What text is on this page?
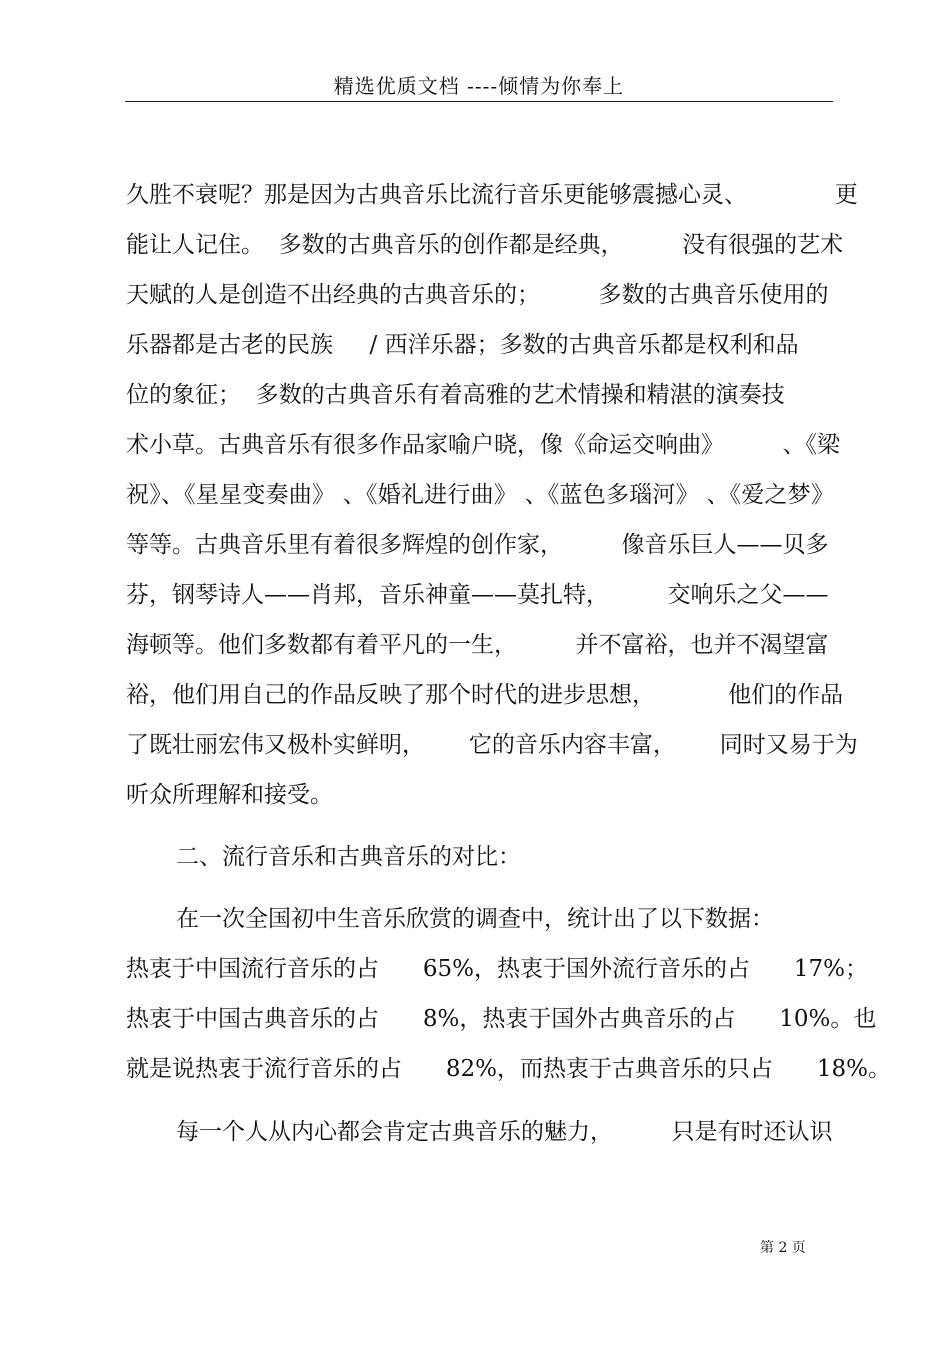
精选优质文档 ----倾情为你奉上
久胜不衰呢？那是因为古典音乐比流行音乐更能够震撼心灵、            更
能让人记住。  多数的古典音乐的创作都是经典，        没有很强的艺术
天赋的人是创造不出经典的古典音乐的；        多数的古典音乐使用的
乐器都是古老的民族     / 西洋乐器；多数的古典音乐都是权利和品
位的象征；  多数的古典音乐有着高雅的艺术情操和精湛的演奏技
术小草。古典音乐有很多作品家喻户晓，像《命运交响曲》        、《梁
祝》、《星星变奏曲》 、《婚礼进行曲》 、《蓝色多瑙河》 、《爱之梦》
等等。古典音乐里有着很多辉煌的创作家，        像音乐巨人——贝多
芬，钢琴诗人——肖邦，音乐神童——莫扎特，        交响乐之父——
海顿等。他们多数都有着平凡的一生，        并不富裕，也并不渴望富
裕，他们用自己的作品反映了那个时代的进步思想，          他们的作品
了既壮丽宏伟又极朴实鲜明，      它的音乐内容丰富，      同时又易于为
听众所理解和接受。
二、流行音乐和古典音乐的对比：
在一次全国初中生音乐欣赏的调查中，统计出了以下数据：
热衷于中国流行音乐的占      65%，热衷于国外流行音乐的占      17%；
热衷于中国古典音乐的占      8%，热衷于国外古典音乐的占      10%。也
就是说热衷于流行音乐的占      82%，而热衷于古典音乐的只占      18%。
每一个人从内心都会肯定古典音乐的魅力，        只是有时还认识
第 2 页
